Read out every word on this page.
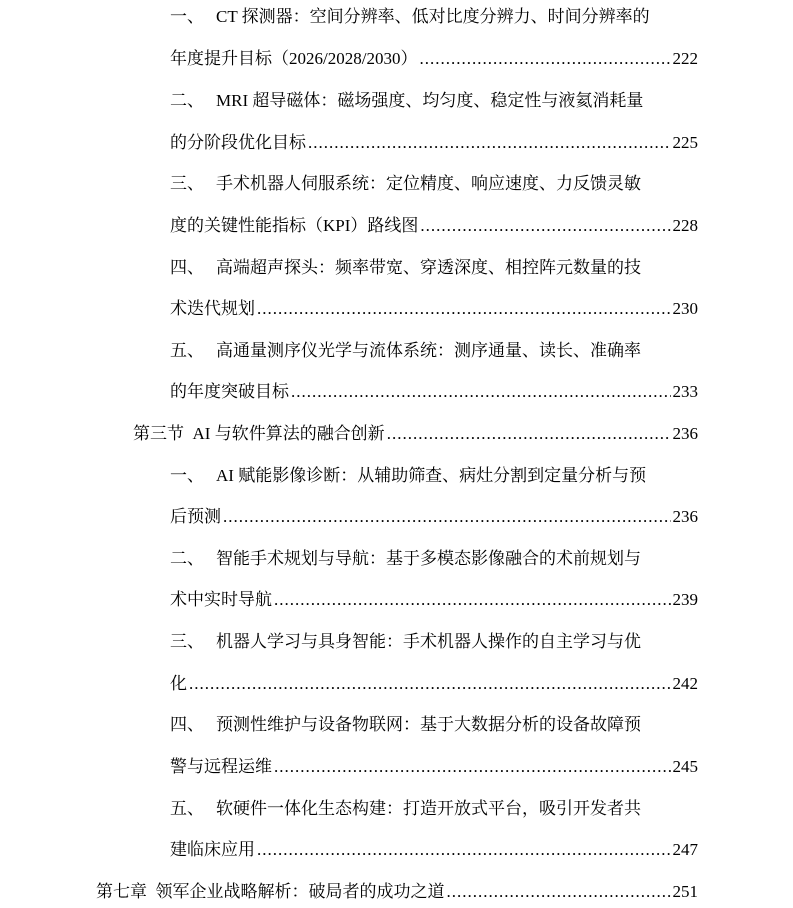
一、 CT 探测器：空间分辨率、低对比度分辨力、时间分辨率的
年度提升目标（2026/2028/2030） .....	222
二、 MRI 超导磁体：磁场强度、均匀度、稳定性与液氦消耗量
的分阶段优化目标 .....	225
三、 手术机器人伺服系统：定位精度、响应速度、力反馈灵敏
度的关键性能指标（KPI）路线图 .....	228
四、 高端超声探头：频率带宽、穿透深度、相控阵元数量的技
术迭代规划 .....	230
五、 高通量测序仪光学与流体系统：测序通量、读长、准确率
的年度突破目标 .....	233
第三节  AI 与软件算法的融合创新 .....	236
一、 AI 赋能影像诊断：从辅助筛查、病灶分割到定量分析与预
后预测 .....	236
二、 智能手术规划与导航：基于多模态影像融合的术前规划与
术中实时导航 .....	239
三、 机器人学习与具身智能：手术机器人操作的自主学习与优
化 .....	242
四、 预测性维护与设备物联网：基于大数据分析的设备故障预
警与远程运维 .....	245
五、 软硬件一体化生态构建：打造开放式平台，吸引开发者共
建临床应用 .....	247
第七章  领军企业战略解析：破局者的成功之道 .....	251
